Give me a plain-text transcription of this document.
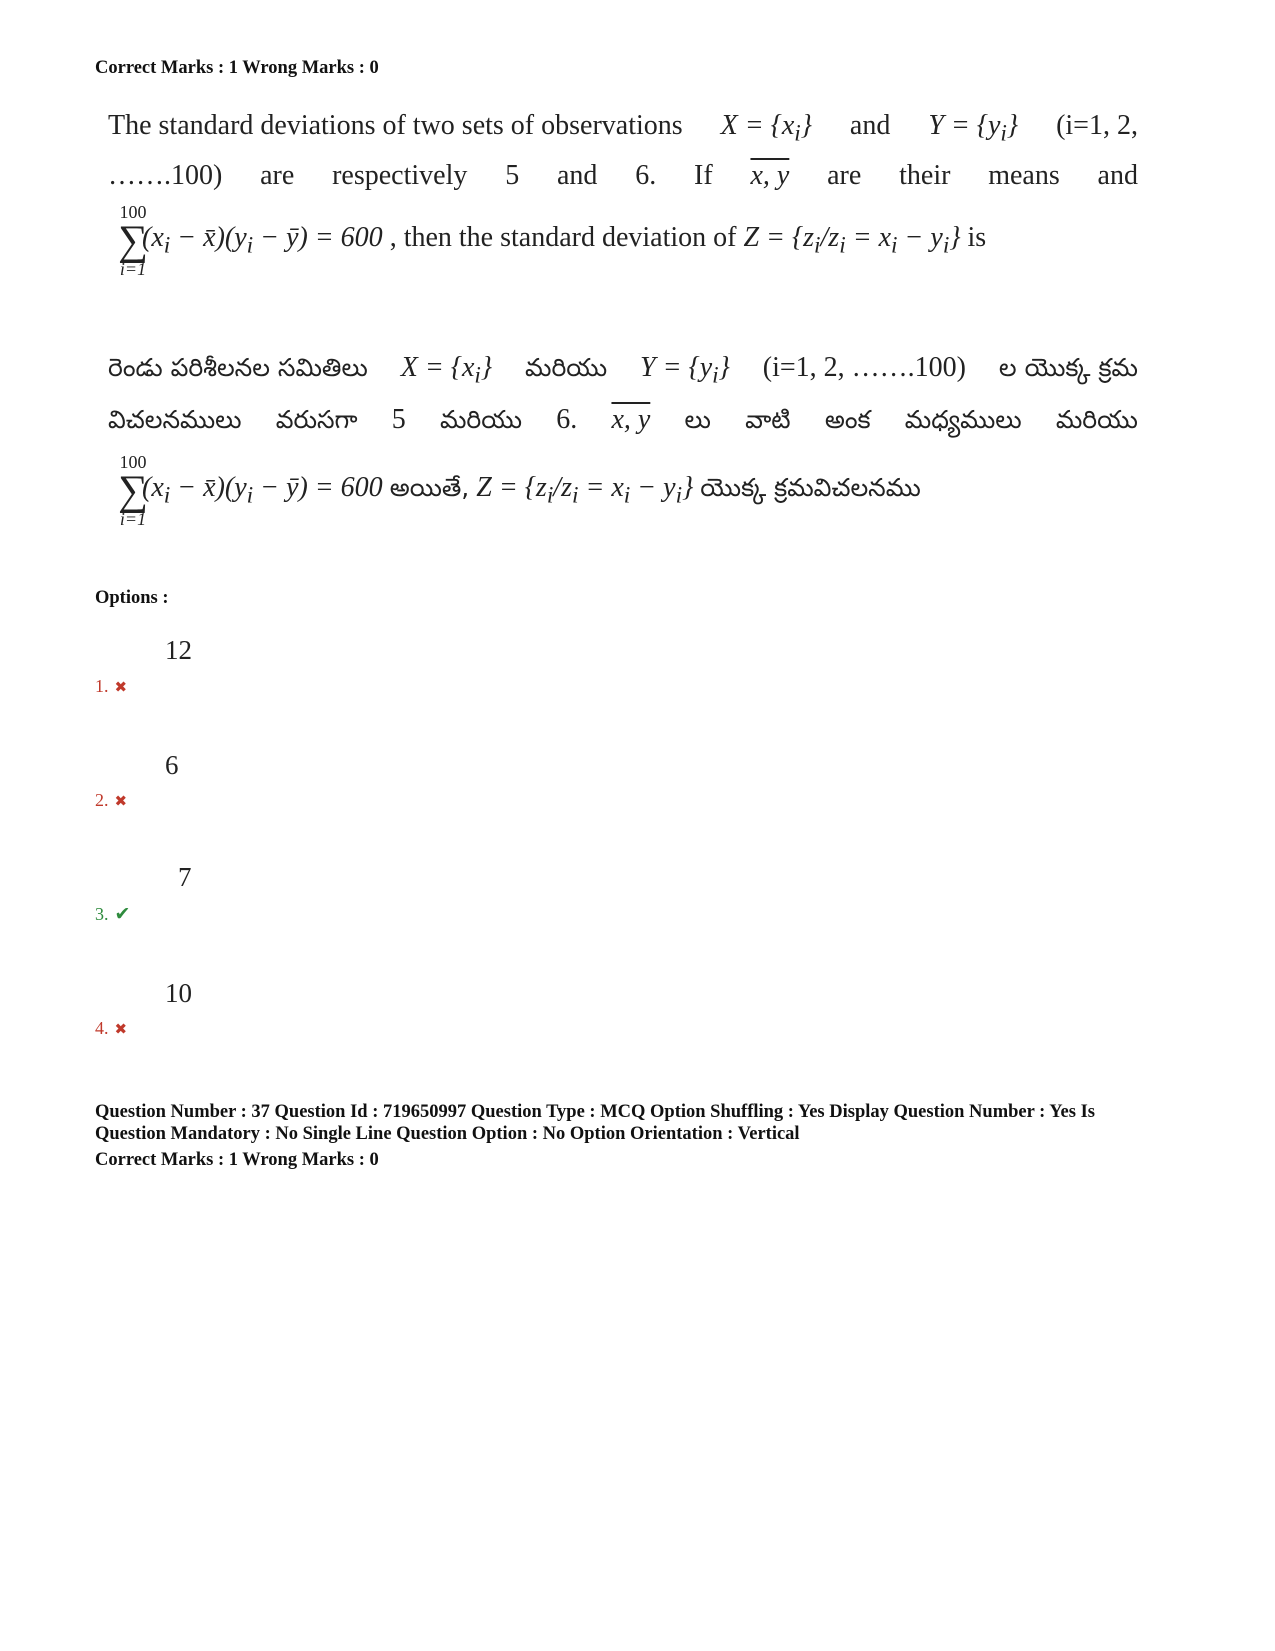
Correct Marks : 1 Wrong Marks : 0
The standard deviations of two sets of observations $X = \{x_i\}$ and $Y = \{y_i\}$ (i=1, 2,
…….100) are respectively 5 and 6. If x, y are their means and
100
∑
i=1
($x_i$ − $x̄)(y_i$ − ȳ) = 600 , then the standard deviation of $Z = \{z_i/z_i = x_i - y_i\}$ is
రెండు పరిశీలనల సమితిలు $X = \{x_i\}$ మరియు $Y = \{y_i\}$ (i=1, 2, …….100) ల యొక్క క్రమ
విచలనములు వరుసగా 5 మరియు 6. x, y లు వాటి అంక మధ్యములు మరియు
100
∑
i=1
($x_i$ − $x̄)(y_i$ − ȳ) = 600 అయితే, $Z = \{z_i/z_i = x_i - y_i\}$ యొక్క క్రమవిచలనము
Options :
12
1. ✖
6
2. ✖
7
3. ✔
10
4. ✖
Question Number : 37 Question Id : 719650997 Question Type : MCQ Option Shuffling : Yes Display Question Number : Yes Is
Question Mandatory : No Single Line Question Option : No Option Orientation : Vertical
Correct Marks : 1 Wrong Marks : 0
